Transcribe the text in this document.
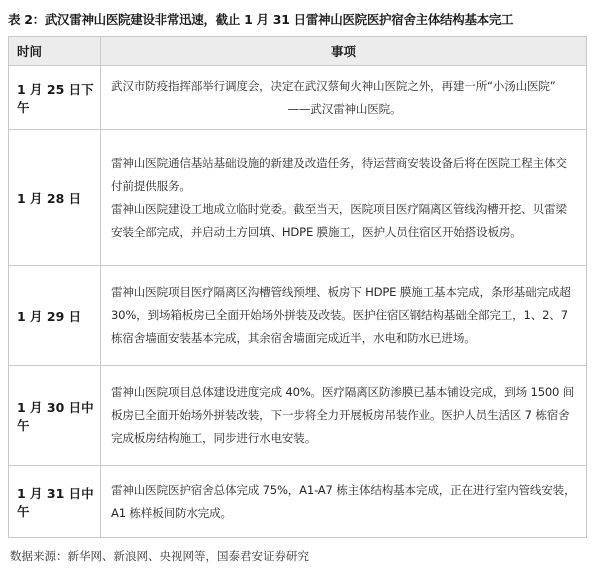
表 2：武汉雷神山医院建设非常迅速，截止 1 月 31 日雷神山医院医护宿舍主体结构基本完工
时间	事项
1 月 25 日下午	武汉市防疫指挥部举行调度会，决定在武汉蔡甸火神山医院之外，再建一所“小汤山医院”

——武汉雷神山医院。

1 月 28 日	雷神山医院通信基站基础设施的新建及改造任务，待运营商安装设备后将在医院工程主体交付前提供服务。

雷神山医院建设工地成立临时党委。截至当天，医院项目医疗隔离区管线沟槽开挖、贝雷梁安装全部完成，并启动土方回填、HDPE 膜施工，医护人员住宿区开始搭设板房。

1 月 29 日	雷神山医院项目医疗隔离区沟槽管线预埋、板房下 HDPE 膜施工基本完成，条形基础完成超 30%，到场箱板房已全面开始场外拼装及改装。医护住宿区钢结构基础全部完工，1、2、7 栋宿舍墙面安装基本完成，其余宿舍墙面完成近半，水电和防水已进场。

1 月 30 日中午	雷神山医院项目总体建设进度完成 40%。医疗隔离区防渗膜已基本铺设完成，到场 1500 间板房已全面开始场外拼装改装，下一步将全力开展板房吊装作业。医护人员生活区 7 栋宿舍完成板房结构施工，同步进行水电安装。

1 月 31 日中午	雷神山医院医护宿舍总体完成 75%，A1-A7 栋主体结构基本完成，正在进行室内管线安装，A1 栋样板间防水完成。

数据来源：新华网、新浪网、央视网等，国泰君安证券研究
